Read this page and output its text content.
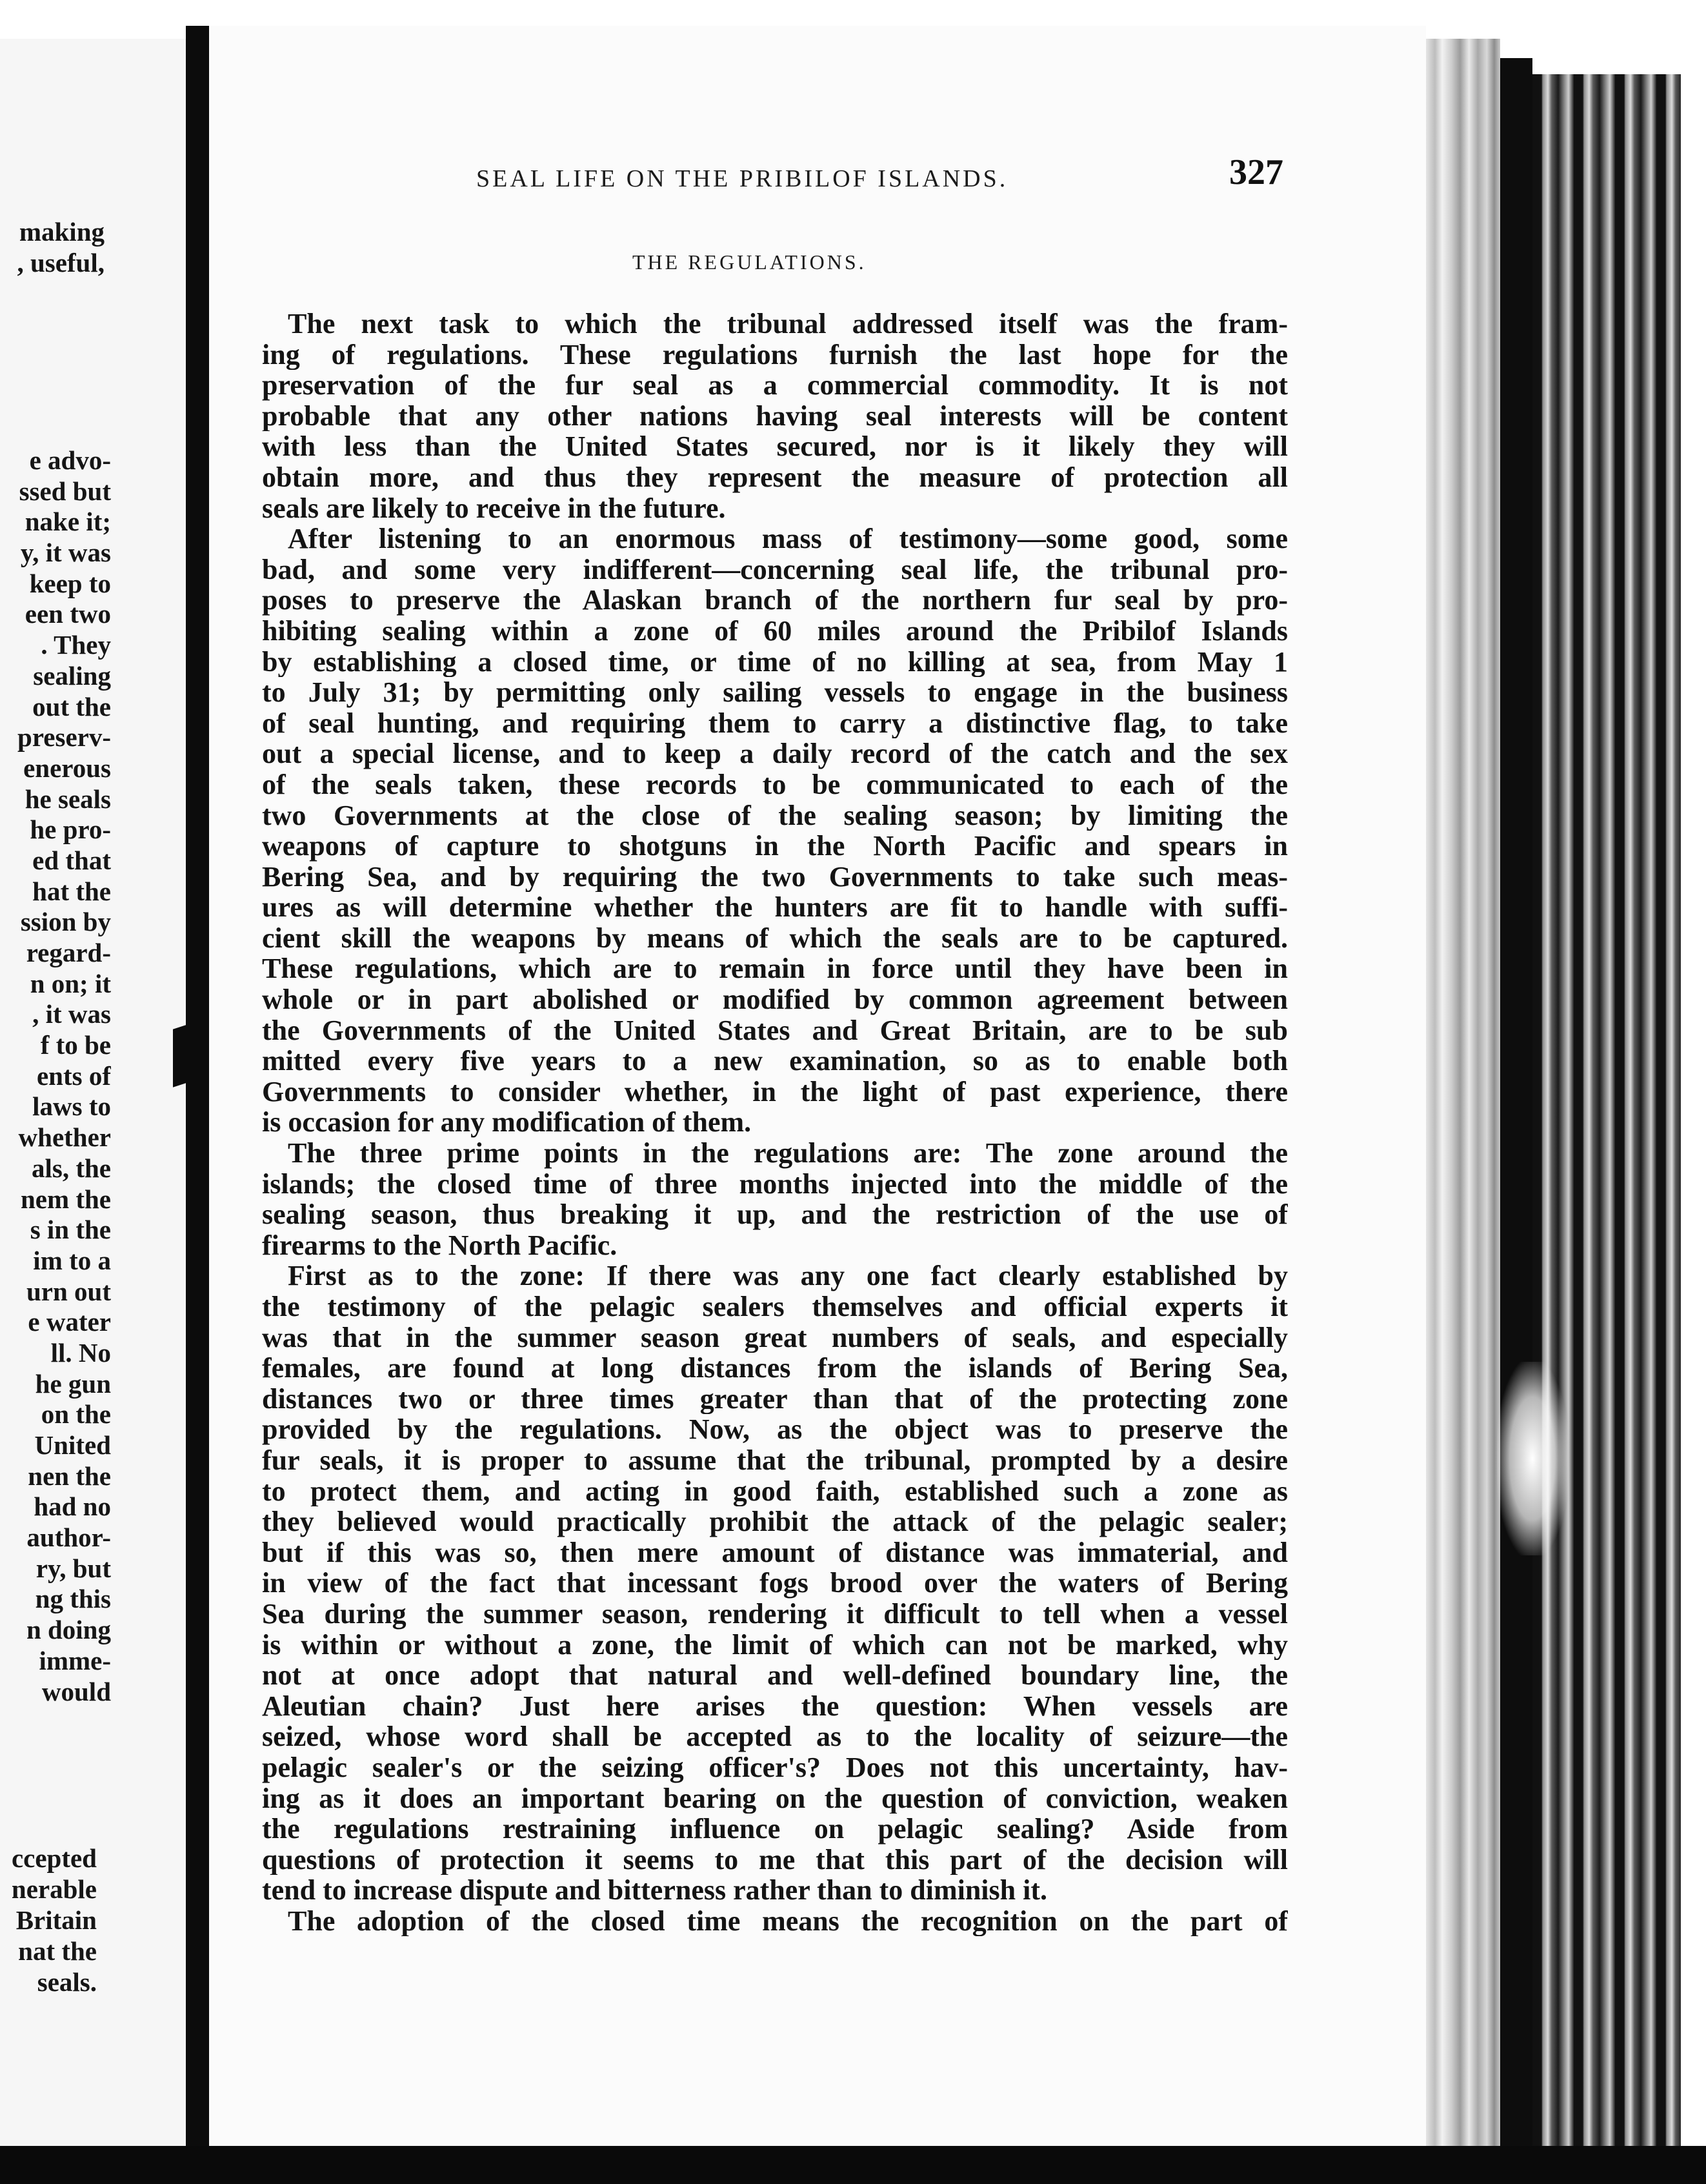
making
, useful,
e advo-
ssed but
nake it;
y, it was
keep to
een two
. They
sealing
out the
preserv-
enerous
he seals
he pro-
ed that
hat the
ssion by
regard-
n on; it
, it was
f to be
ents of
laws to
whether
als, the
nem the
s in the
im to a
urn out
e water
ll. No
he gun
on the
United
nen the
had no
author-
ry, but
ng this
n doing
imme-
would
ccepted
nerable
Britain
nat the
seals.
SEAL LIFE ON THE PRIBILOF ISLANDS.	327
THE REGULATIONS.
The next task to which the tribunal addressed itself was the fram-
ing of regulations. These regulations furnish the last hope for the
preservation of the fur seal as a commercial commodity. It is not
probable that any other nations having seal interests will be content
with less than the United States secured, nor is it likely they will
obtain more, and thus they represent the measure of protection all
seals are likely to receive in the future.
After listening to an enormous mass of testimony—some good, some
bad, and some very indifferent—concerning seal life, the tribunal pro-
poses to preserve the Alaskan branch of the northern fur seal by pro-
hibiting sealing within a zone of 60 miles around the Pribilof Islands
by establishing a closed time, or time of no killing at sea, from May 1
to July 31; by permitting only sailing vessels to engage in the business
of seal hunting, and requiring them to carry a distinctive flag, to take
out a special license, and to keep a daily record of the catch and the sex
of the seals taken, these records to be communicated to each of the
two Governments at the close of the sealing season; by limiting the
weapons of capture to shotguns in the North Pacific and spears in
Bering Sea, and by requiring the two Governments to take such meas-
ures as will determine whether the hunters are fit to handle with suffi-
cient skill the weapons by means of which the seals are to be captured.
These regulations, which are to remain in force until they have been in
whole or in part abolished or modified by common agreement between
the Governments of the United States and Great Britain, are to be sub
mitted every five years to a new examination, so as to enable both
Governments to consider whether, in the light of past experience, there
is occasion for any modification of them.
The three prime points in the regulations are: The zone around the
islands; the closed time of three months injected into the middle of the
sealing season, thus breaking it up, and the restriction of the use of
firearms to the North Pacific.
First as to the zone: If there was any one fact clearly established by
the testimony of the pelagic sealers themselves and official experts it
was that in the summer season great numbers of seals, and especially
females, are found at long distances from the islands of Bering Sea,
distances two or three times greater than that of the protecting zone
provided by the regulations. Now, as the object was to preserve the
fur seals, it is proper to assume that the tribunal, prompted by a desire
to protect them, and acting in good faith, established such a zone as
they believed would practically prohibit the attack of the pelagic sealer;
but if this was so, then mere amount of distance was immaterial, and
in view of the fact that incessant fogs brood over the waters of Bering
Sea during the summer season, rendering it difficult to tell when a vessel
is within or without a zone, the limit of which can not be marked, why
not at once adopt that natural and well-defined boundary line, the
Aleutian chain? Just here arises the question: When vessels are
seized, whose word shall be accepted as to the locality of seizure—the
pelagic sealer's or the seizing officer's? Does not this uncertainty, hav-
ing as it does an important bearing on the question of conviction, weaken
the regulations restraining influence on pelagic sealing? Aside from
questions of protection it seems to me that this part of the decision will
tend to increase dispute and bitterness rather than to diminish it.
The adoption of the closed time means the recognition on the part of
